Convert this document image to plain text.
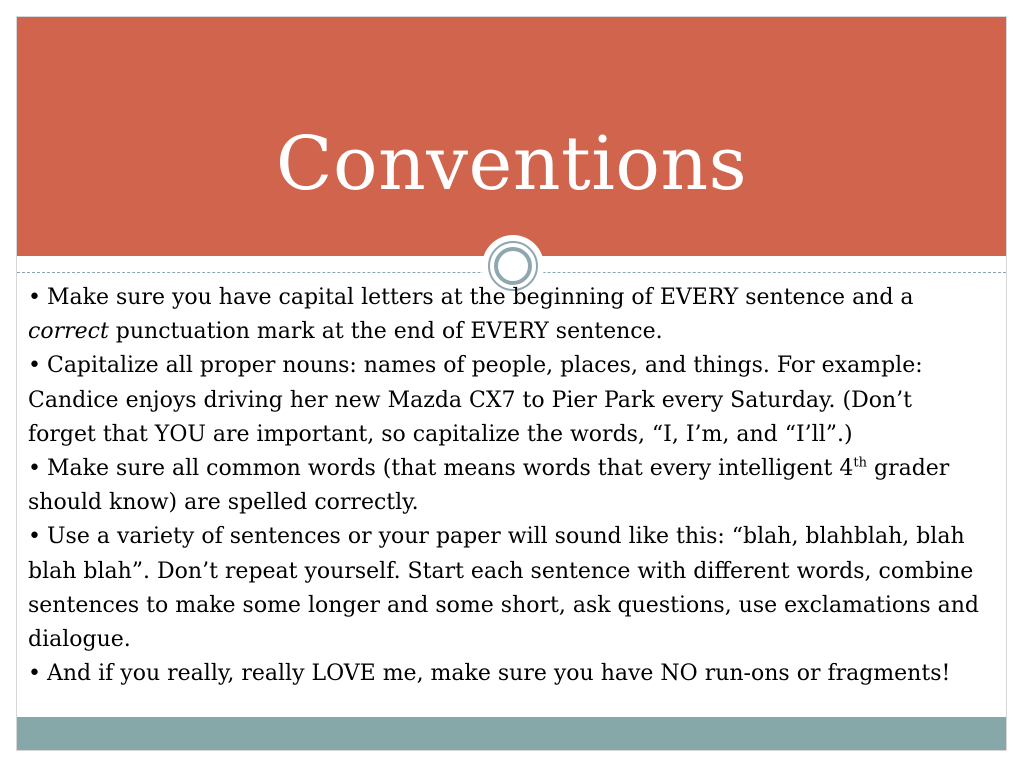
Conventions

• Make sure you have capital letters at the beginning of EVERY sentence and a correct punctuation mark at the end of EVERY sentence.

• Capitalize all proper nouns: names of people, places, and things. For example: Candice enjoys driving her new Mazda CX7 to Pier Park every Saturday. (Don’t forget that YOU are important, so capitalize the words, “I, I’m, and “I’ll”.)

• Make sure all common words (that means words that every intelligent 4th grader should know) are spelled correctly.

• Use a variety of sentences or your paper will sound like this: “blah, blahblah, blah blah blah”. Don’t repeat yourself. Start each sentence with different words, combine sentences to make some longer and some short, ask questions, use exclamations and dialogue.

• And if you really, really LOVE me, make sure you have NO run-ons or fragments!
